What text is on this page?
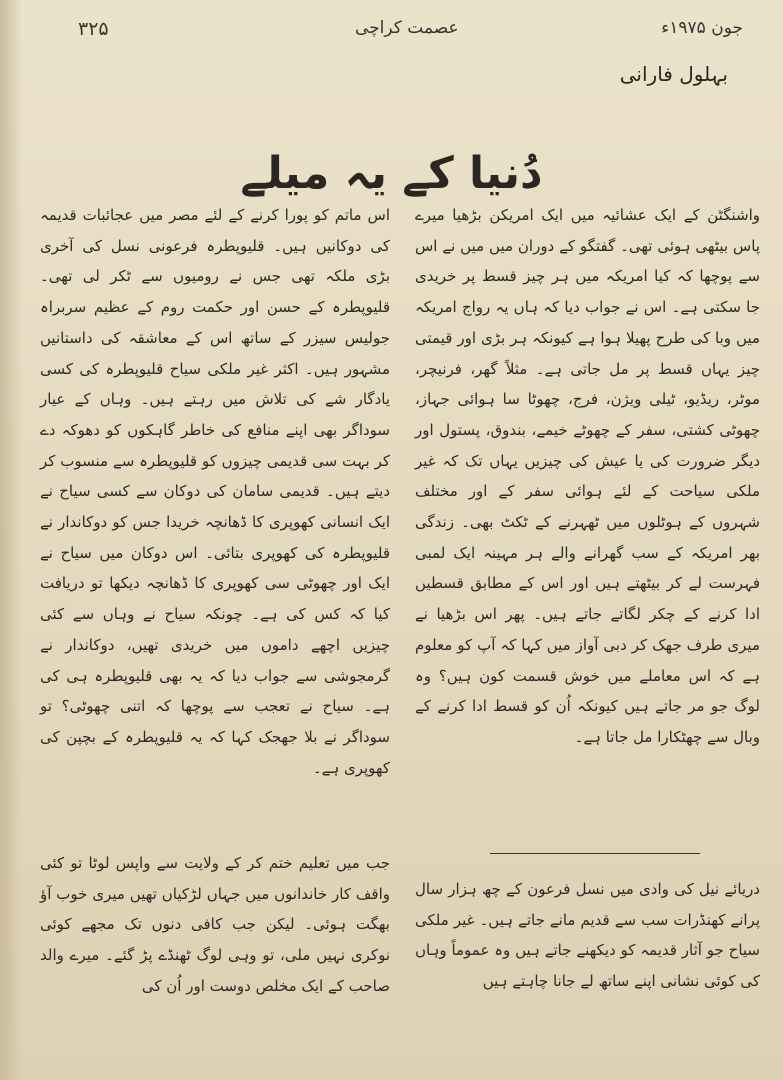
۳۲۵	عصمت کراچی	جون ۱۹۷۵ء
بہلول فارانی
دُنیا کے یہ میلے

واشنگٹن کے ایک عشائیہ میں ایک امریکن بڑھیا میرے پاس بیٹھی ہوئی تھی۔ گفتگو کے دوران میں میں نے اس سے پوچھا کہ کیا امریکہ میں ہر چیز قسط پر خریدی جا سکتی ہے۔ اس نے جواب دیا کہ ہاں یہ رواج امریکہ میں وبا کی طرح پھیلا ہوا ہے کیونکہ ہر بڑی اور قیمتی چیز یہاں قسط پر مل جاتی ہے۔ مثلاً گھر، فرنیچر، موٹر، ریڈیو، ٹیلی ویژن، فرج، چھوٹا سا ہوائی جہاز، چھوٹی کشتی، سفر کے چھوٹے خیمے، بندوق، پستول اور دیگر ضرورت کی یا عیش کی چیزیں یہاں تک کہ غیر ملکی سیاحت کے لئے ہوائی سفر کے اور مختلف شہروں کے ہوٹلوں میں ٹھہرنے کے ٹکٹ بھی۔ زندگی بھر امریکہ کے سب گھرانے والے ہر مہینہ ایک لمبی فہرست لے کر بیٹھتے ہیں اور اس کے مطابق قسطیں ادا کرنے کے چکر لگاتے جاتے ہیں۔ پھر اس بڑھیا نے میری طرف جھک کر دبی آواز میں کہا کہ آپ کو معلوم ہے کہ اس معاملے میں خوش قسمت کون ہیں؟ وہ لوگ جو مر جاتے ہیں کیونکہ اُن کو قسط ادا کرنے کے وبال سے چھٹکارا مل جاتا ہے۔

اس ماتم کو پورا کرنے کے لئے مصر میں عجائبات قدیمہ کی دوکانیں ہیں۔ قلیوپطرہ فرعونی نسل کی آخری بڑی ملکہ تھی جس نے رومیوں سے ٹکر لی تھی۔ قلیوپطرہ کے حسن اور حکمت روم کے عظیم سربراہ جولیس سیزر کے ساتھ اس کے معاشقہ کی داستانیں مشہور ہیں۔ اکثر غیر ملکی سیاح قلیوپطرہ کی کسی یادگار شے کی تلاش میں رہتے ہیں۔ وہاں کے عیار سوداگر بھی اپنے منافع کی خاطر گاہکوں کو دھوکہ دے کر بہت سی قدیمی چیزوں کو قلیوپطرہ سے منسوب کر دیتے ہیں۔ قدیمی سامان کی دوکان سے کسی سیاح نے ایک انسانی کھوپری کا ڈھانچہ خریدا جس کو دوکاندار نے قلیوپطرہ کی کھوپری بتائی۔ اس دوکان میں سیاح نے ایک اور چھوٹی سی کھوپری کا ڈھانچہ دیکھا تو دریافت کیا کہ کس کی ہے۔ چونکہ سیاح نے وہاں سے کئی چیزیں اچھے داموں میں خریدی تھیں، دوکاندار نے گرمجوشی سے جواب دیا کہ یہ بھی قلیوپطرہ ہی کی ہے۔ سیاح نے تعجب سے پوچھا کہ اتنی چھوٹی؟ تو سوداگر نے بلا جھجک کہا کہ یہ قلیوپطرہ کے بچپن کی کھوپری ہے۔

جب میں تعلیم ختم کر کے ولایت سے واپس لوٹا تو کئی واقف کار خاندانوں میں جہاں لڑکیاں تھیں میری خوب آؤ بھگت ہوئی۔ لیکن جب کافی دنوں تک مجھے کوئی نوکری نہیں ملی، تو وہی لوگ ٹھنڈے پڑ گئے۔ میرے والد صاحب کے ایک مخلص دوست اور اُن کی

دریائے نیل کی وادی میں نسل فرعون کے چھ ہزار سال پرانے کھنڈرات سب سے قدیم مانے جاتے ہیں۔ غیر ملکی سیاح جو آثار قدیمہ کو دیکھنے جاتے ہیں وہ عموماً وہاں کی کوئی نشانی اپنے ساتھ لے جانا چاہتے ہیں
